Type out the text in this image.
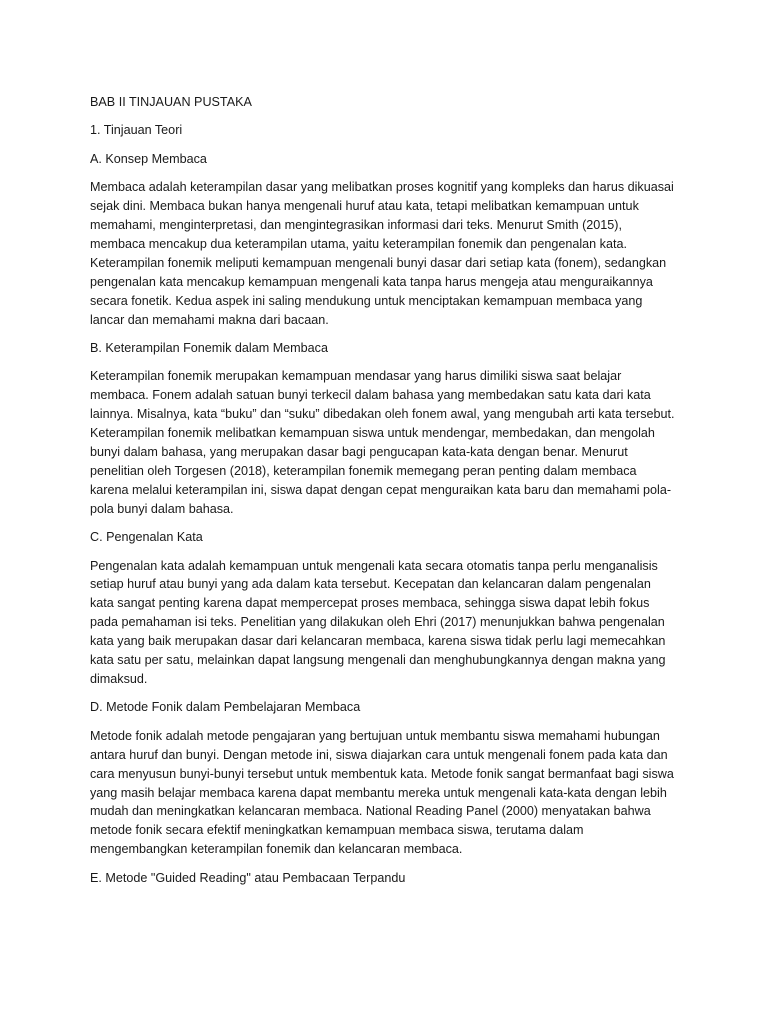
BAB II TINJAUAN PUSTAKA

1. Tinjauan Teori

A. Konsep Membaca

Membaca adalah keterampilan dasar yang melibatkan proses kognitif yang kompleks dan harus dikuasai sejak dini. Membaca bukan hanya mengenali huruf atau kata, tetapi melibatkan kemampuan untuk memahami, menginterpretasi, dan mengintegrasikan informasi dari teks. Menurut Smith (2015), membaca mencakup dua keterampilan utama, yaitu keterampilan fonemik dan pengenalan kata. Keterampilan fonemik meliputi kemampuan mengenali bunyi dasar dari setiap kata (fonem), sedangkan pengenalan kata mencakup kemampuan mengenali kata tanpa harus mengeja atau menguraikannya secara fonetik. Kedua aspek ini saling mendukung untuk menciptakan kemampuan membaca yang lancar dan memahami makna dari bacaan.

B. Keterampilan Fonemik dalam Membaca

Keterampilan fonemik merupakan kemampuan mendasar yang harus dimiliki siswa saat belajar membaca. Fonem adalah satuan bunyi terkecil dalam bahasa yang membedakan satu kata dari kata lainnya. Misalnya, kata “buku” dan “suku” dibedakan oleh fonem awal, yang mengubah arti kata tersebut. Keterampilan fonemik melibatkan kemampuan siswa untuk mendengar, membedakan, dan mengolah bunyi dalam bahasa, yang merupakan dasar bagi pengucapan kata-kata dengan benar. Menurut penelitian oleh Torgesen (2018), keterampilan fonemik memegang peran penting dalam membaca karena melalui keterampilan ini, siswa dapat dengan cepat menguraikan kata baru dan memahami pola-pola bunyi dalam bahasa.

C. Pengenalan Kata

Pengenalan kata adalah kemampuan untuk mengenali kata secara otomatis tanpa perlu menganalisis setiap huruf atau bunyi yang ada dalam kata tersebut. Kecepatan dan kelancaran dalam pengenalan kata sangat penting karena dapat mempercepat proses membaca, sehingga siswa dapat lebih fokus pada pemahaman isi teks. Penelitian yang dilakukan oleh Ehri (2017) menunjukkan bahwa pengenalan kata yang baik merupakan dasar dari kelancaran membaca, karena siswa tidak perlu lagi memecahkan kata satu per satu, melainkan dapat langsung mengenali dan menghubungkannya dengan makna yang dimaksud.

D. Metode Fonik dalam Pembelajaran Membaca

Metode fonik adalah metode pengajaran yang bertujuan untuk membantu siswa memahami hubungan antara huruf dan bunyi. Dengan metode ini, siswa diajarkan cara untuk mengenali fonem pada kata dan cara menyusun bunyi-bunyi tersebut untuk membentuk kata. Metode fonik sangat bermanfaat bagi siswa yang masih belajar membaca karena dapat membantu mereka untuk mengenali kata-kata dengan lebih mudah dan meningkatkan kelancaran membaca. National Reading Panel (2000) menyatakan bahwa metode fonik secara efektif meningkatkan kemampuan membaca siswa, terutama dalam mengembangkan keterampilan fonemik dan kelancaran membaca.

E. Metode "Guided Reading" atau Pembacaan Terpandu
